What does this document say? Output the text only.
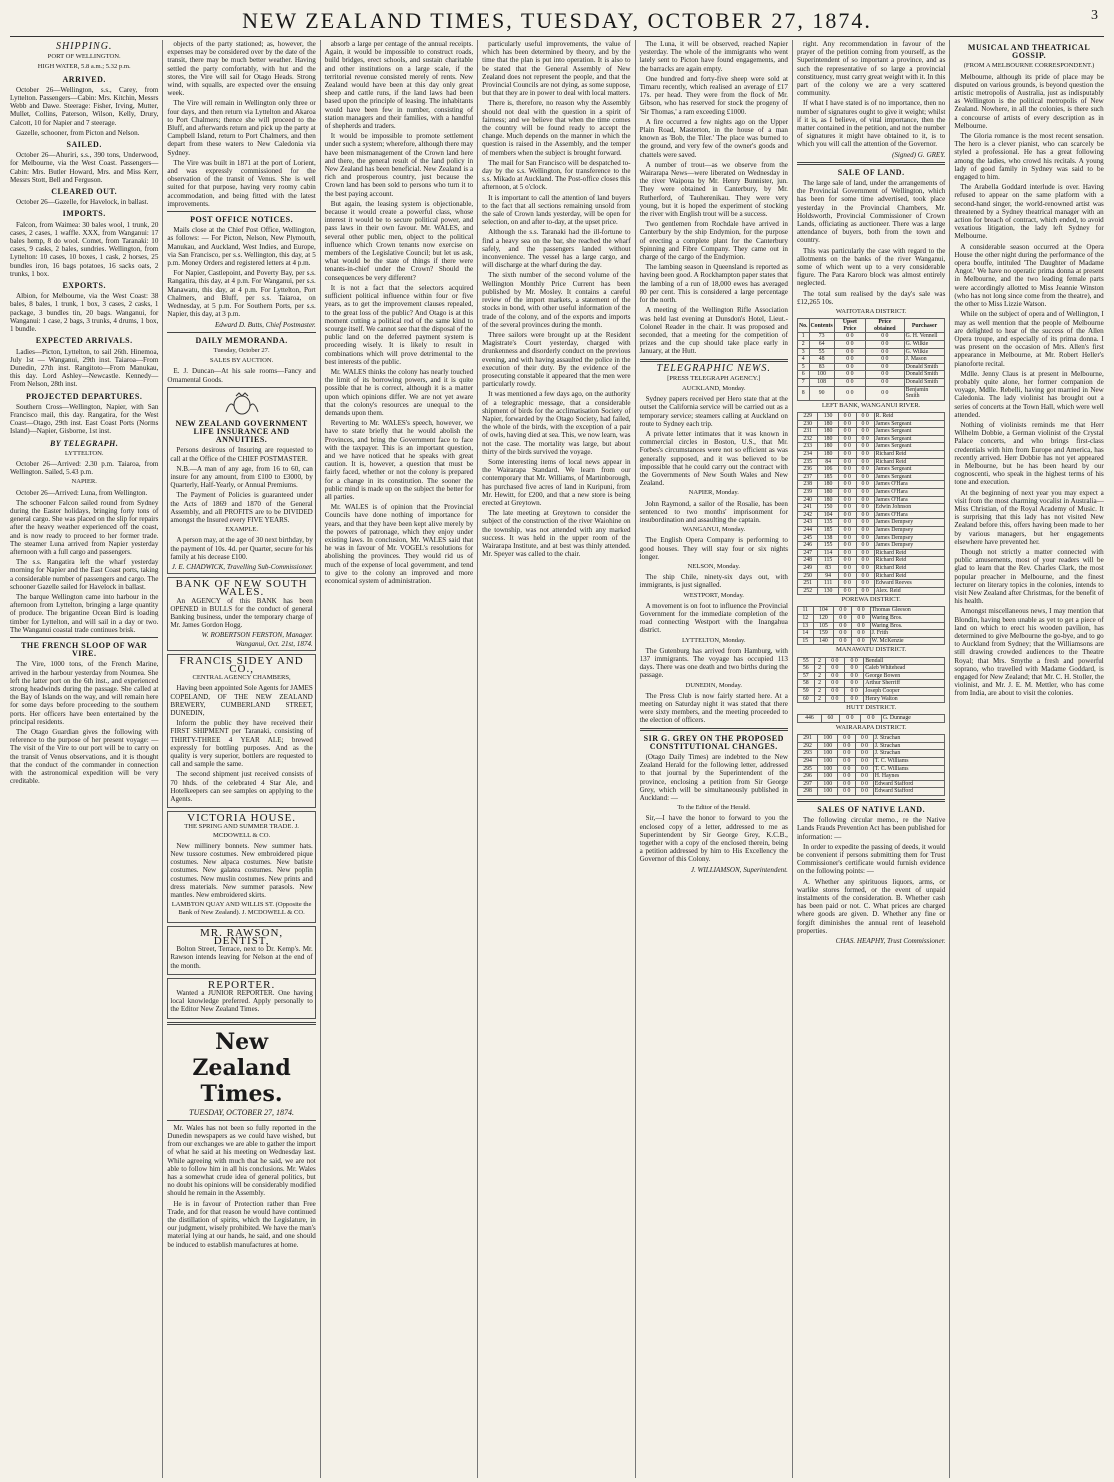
NEW ZEALAND TIMES, TUESDAY, OCTOBER 27, 1874.	3
SHIPPING.
PORT OF WELLINGTON.
HIGH WATER, 5.8 a.m.; 5.32 p.m.
ARRIVED.

October 26—Wellington, s.s., Carey, from Lyttelton. Passengers—Cabin: Mrs. Kitchin, Messrs Webb and Dawe. Steerage: Fisher, Irving, Mutter, Mullet, Collins, Paterson, Wilson, Kelly, Drury, Calcott, 10 for Napier and 7 steerage.

Gazelle, schooner, from Picton and Nelson.

SAILED.

October 26—Ahuriri, s.s., 390 tons, Underwood, for Melbourne, via the West Coast. Passengers—Cabin: Mrs. Butler Howard, Mrs. and Miss Kerr, Messrs Stott, Bell and Ferguson.

CLEARED OUT.

October 26—Gazelle, for Havelock, in ballast.

IMPORTS.

Falcon, from Waimea: 30 bales wool, 1 trunk, 20 cases, 2 cases, 1 waffle. XXX, from Wanganui: 17 bales hemp, 8 do wool. Comet, from Taranaki: 10 cases, 9 casks, 2 bales, sundries. Wellington, from Lyttelton: 10 cases, 10 boxes, 1 cask, 2 horses, 25 bundles iron, 16 bags potatoes, 16 sacks oats, 2 trunks, 1 box.

EXPORTS.

Albion, for Melbourne, via the West Coast: 38 bales, 8 bales, 1 trunk, 1 box, 3 cases, 2 casks, 1 package, 3 bundles tin, 20 bags. Wanganui, for Wanganui: 1 case, 2 bags, 3 trunks, 4 drums, 1 box, 1 bundle.

EXPECTED ARRIVALS.

Ladies—Picton, Lyttelton, to sail 26th. Hinemoa, July 1st — Wanganui, 29th inst. Taiaroa—From Dunedin, 27th inst. Rangitoto—From Manukau, this day. Lord Ashley—Newcastle. Kennedy—From Nelson, 28th inst.

PROJECTED DEPARTURES.

Southern Cross—Wellington, Napier, with San Francisco mail, this day. Rangatira, for the West Coast—Otago, 29th inst. East Coast Ports (Norms Island)—Napier, Gisborne, 1st inst.

BY TELEGRAPH.
LYTTELTON.

October 26—Arrived: 2.30 p.m. Taiaroa, from Wellington. Sailed, 5.43 p.m.

NAPIER.

October 26—Arrived: Luna, from Wellington.

The schooner Falcon sailed round from Sydney during the Easter holidays, bringing forty tons of general cargo. She was placed on the slip for repairs after the heavy weather experienced off the coast, and is now ready to proceed to her former trade. The steamer Luna arrived from Napier yesterday afternoon with a full cargo and passengers.

The s.s. Rangatira left the wharf yesterday morning for Napier and the East Coast ports, taking a considerable number of passengers and cargo. The schooner Gazelle sailed for Havelock in ballast.

The barque Wellington came into harbour in the afternoon from Lyttelton, bringing a large quantity of produce. The brigantine Ocean Bird is loading timber for Lyttelton, and will sail in a day or two. The Wanganui coastal trade continues brisk.

THE FRENCH SLOOP OF WAR VIRE.

The Vire, 1000 tons, of the French Marine, arrived in the harbour yesterday from Noumea. She left the latter port on the 6th inst., and experienced strong headwinds during the passage. She called at the Bay of Islands on the way, and will remain here for some days before proceeding to the southern ports. Her officers have been entertained by the principal residents.

The Otago Guardian gives the following with reference to the purpose of her present voyage: — The visit of the Vire to our port will be to carry on the transit of Venus observations, and it is thought that the conduct of the commander in connection with the astronomical expedition will be very creditable.

objects of the party stationed; as, however, the expenses may be considered over by the date of the transit, there may be much better weather. Having settled the party comfortably, with hut and the stores, the Vire will sail for Otago Heads. Strong wind, with squalls, are expected over the ensuing week.

The Vire will remain in Wellington only three or four days, and then return via Lyttelton and Akaroa to Port Chalmers; thence she will proceed to the Bluff, and afterwards return and pick up the party at Campbell Island, return to Port Chalmers, and then depart from these waters to New Caledonia via Sydney.

The Vire was built in 1871 at the port of Lorient, and was expressly commissioned for the observation of the transit of Venus. She is well suited for that purpose, having very roomy cabin accommodation, and being fitted with the latest improvements.

POST OFFICE NOTICES.

Mails close at the Chief Post Office, Wellington, as follows: — For Picton, Nelson, New Plymouth, Manukau, and Auckland, West Indies, and Europe, via San Francisco, per s.s. Wellington, this day, at 5 p.m. Money Orders and registered letters at 4 p.m.

For Napier, Castlepoint, and Poverty Bay, per s.s. Rangatira, this day, at 4 p.m. For Wanganui, per s.s. Manawatu, this day, at 4 p.m. For Lyttelton, Port Chalmers, and Bluff, per s.s. Taiaroa, on Wednesday, at 5 p.m. For Southern Ports, per s.s. Napier, this day, at 3 p.m.

Edward D. Butts, Chief Postmaster.
DAILY MEMORANDA.
Tuesday, October 27.
SALES BY AUCTION.

E. J. Duncan—At his sale rooms—Fancy and Ornamental Goods.

NEW ZEALAND GOVERNMENT LIFE INSURANCE AND ANNUITIES.

Persons desirous of Insuring are requested to call at the Office of the CHIEF POSTMASTER.

N.B.—A man of any age, from 16 to 60, can insure for any amount, from £100 to £3000, by Quarterly, Half-Yearly, or Annual Premiums.

The Payment of Policies is guaranteed under the Acts of 1869 and 1870 of the General Assembly, and all PROFITS are to be DIVIDED amongst the Insured every FIVE YEARS.

EXAMPLE.

A person may, at the age of 30 next birthday, by the payment of 10s. 4d. per Quarter, secure for his family at his decease £100.

J. E. CHADWICK, Travelling Sub-Commissioner.
BANK OF NEW SOUTH WALES.

An AGENCY of this BANK has been OPENED in BULLS for the conduct of general Banking business, under the temporary charge of Mr. James Gordon Hogg.

W. ROBERTSON FERSTON, Manager. Wanganui, Oct. 21st, 1874.
FRANCIS SIDEY AND CO.,
CENTRAL AGENCY CHAMBERS,

Having been appointed Sole Agents for JAMES COPELAND, OF THE NEW ZEALAND BREWERY, CUMBERLAND STREET, DUNEDIN,

Inform the public they have received their FIRST SHIPMENT per Taranaki, consisting of THIRTY-THREE 4 YEAR ALE; brewed expressly for bottling purposes. And as the quality is very superior, bottlers are requested to call and sample the same.

The second shipment just received consists of 70 hhds. of the celebrated 4 Star Ale, and Hotelkeepers can see samples on applying to the Agents.

VICTORIA HOUSE.
THE SPRING AND SUMMER TRADE. J. MCDOWELL & CO.

New millinery bonnets. New summer hats. New tussore costumes. New embroidered pique costumes. New alpaca costumes. New batiste costumes. New galatea costumes. New poplin costumes. New muslin costumes. New prints and dress materials. New summer parasols. New mantles. New embroidered skirts.

LAMBTON QUAY AND WILLIS ST. (Opposite the Bank of New Zealand). J. MCDOWELL & CO.
MR. RAWSON, DENTIST,

Bolton Street, Terrace, next to Dr. Kemp's. Mr. Rawson intends leaving for Nelson at the end of the month.

REPORTER.

Wanted a JUNIOR REPORTER. One having local knowledge preferred. Apply personally to the Editor New Zealand Times.

New Zealand Times.
TUESDAY, OCTOBER 27, 1874.

Mr. Wales has not been so fully reported in the Dunedin newspapers as we could have wished, but from our exchanges we are able to gather the import of what he said at his meeting on Wednesday last. While agreeing with much that he said, we are not able to follow him in all his conclusions. Mr. Wales has a somewhat crude idea of general politics, but no doubt his opinions will be considerably modified should he remain in the Assembly.

He is in favour of Protection rather than Free Trade, and for that reason he would have continued the distillation of spirits, which the Legislature, in our judgment, wisely prohibited. We have the man's material lying at our hands, he said, and one should be induced to establish manufactures at home.

absorb a large per centage of the annual receipts. Again, it would be impossible to construct roads, build bridges, erect schools, and sustain charitable and other institutions on a large scale, if the territorial revenue consisted merely of rents. New Zealand would have been at this day only great sheep and cattle runs, if the land laws had been based upon the principle of leasing. The inhabitants would have been few in number, consisting of station managers and their families, with a handful of shepherds and traders.

It would be impossible to promote settlement under such a system; wherefore, although there may have been mismanagement of the Crown land here and there, the general result of the land policy in New Zealand has been beneficial. New Zealand is a rich and prosperous country, just because the Crown land has been sold to persons who turn it to the best paying account.

But again, the leasing system is objectionable, because it would create a powerful class, whose interest it would be to secure political power, and pass laws in their own favour. Mr. WALES, and several other public men, object to the political influence which Crown tenants now exercise on members of the Legislative Council; but let us ask, what would be the state of things if there were tenants-in-chief under the Crown? Should the consequences be very different?

It is not a fact that the selectors acquired sufficient political influence within four or five years, as to get the improvement clauses repealed, to the great loss of the public? And Otago is at this moment cutting a political rod of the same kind to scourge itself. We cannot see that the disposal of the public land on the deferred payment system is proceeding wisely. It is likely to result in combinations which will prove detrimental to the best interests of the public.

Mr. WALES thinks the colony has nearly touched the limit of its borrowing powers, and it is quite possible that he is correct, although it is a matter upon which opinions differ. We are not yet aware that the colony's resources are unequal to the demands upon them.

Reverting to Mr. WALES's speech, however, we have to state briefly that he would abolish the Provinces, and bring the Government face to face with the taxpayer. This is an important question, and we have noticed that he speaks with great caution. It is, however, a question that must be fairly faced, whether or not the colony is prepared for a change in its constitution. The sooner the public mind is made up on the subject the better for all parties.

Mr. WALES is of opinion that the Provincial Councils have done nothing of importance for years, and that they have been kept alive merely by the powers of patronage, which they enjoy under existing laws. In conclusion, Mr. WALES said that he was in favour of Mr. VOGEL's resolutions for abolishing the provinces. They would rid us of much of the expense of local government, and tend to give to the colony an improved and more economical system of administration.

particularly useful improvements, the value of which has been determined by theory, and by the time that the plan is put into operation. It is also to be stated that the General Assembly of New Zealand does not represent the people, and that the Provincial Councils are not dying, as some suppose, but that they are in power to deal with local matters.

There is, therefore, no reason why the Assembly should not deal with the question in a spirit of fairness; and we believe that when the time comes the country will be found ready to accept the change. Much depends on the manner in which the question is raised in the Assembly, and the temper of members when the subject is brought forward.

The mail for San Francisco will be despatched to-day by the s.s. Wellington, for transference to the s.s. Mikado at Auckland. The Post-office closes this afternoon, at 5 o'clock.

It is important to call the attention of land buyers to the fact that all sections remaining unsold from the sale of Crown lands yesterday, will be open for selection, on and after to-day, at the upset price.

Although the s.s. Taranaki had the ill-fortune to find a heavy sea on the bar, she reached the wharf safely, and the passengers landed without inconvenience. The vessel has a large cargo, and will discharge at the wharf during the day.

The sixth number of the second volume of the Wellington Monthly Price Current has been published by Mr. Mosley. It contains a careful review of the import markets, a statement of the stocks in bond, with other useful information of the trade of the colony, and of the exports and imports of the several provinces during the month.

Three sailors were brought up at the Resident Magistrate's Court yesterday, charged with drunkenness and disorderly conduct on the previous evening, and with having assaulted the police in the execution of their duty. By the evidence of the prosecuting constable it appeared that the men were particularly rowdy.

It was mentioned a few days ago, on the authority of a telegraphic message, that a considerable shipment of birds for the acclimatisation Society of Napier, forwarded by the Otago Society, had failed, the whole of the birds, with the exception of a pair of owls, having died at sea. This, we now learn, was not the case. The mortality was large, but about thirty of the birds survived the voyage.

Some interesting items of local news appear in the Wairarapa Standard. We learn from our contemporary that Mr. Williams, of Martinborough, has purchased five acres of land in Kuripuni, from Mr. Hewitt, for £200, and that a new store is being erected at Greytown.

The late meeting at Greytown to consider the subject of the construction of the river Waiohine on the township, was not attended with any marked success. It was held in the upper room of the Wairarapa Institute, and at best was thinly attended. Mr. Speyer was called to the chair.

The Luna, it will be observed, reached Napier yesterday. The whole of the immigrants who went lately sent to Picton have found engagements, and the barracks are again empty.

One hundred and forty-five sheep were sold at Timaru recently, which realised an average of £17 17s. per head. They were from the flock of Mr. Gibson, who has reserved for stock the progeny of 'Sir Thomas,' a ram exceeding £1000.

A fire occurred a few nights ago on the Upper Plain Road, Masterton, in the house of a man known as 'Bob, the Tiler.' The place was burned to the ground, and very few of the owner's goods and chattels were saved.

A number of trout—as we observe from the Wairarapa News—were liberated on Wednesday in the river Waipoua by Mr. Henry Bunnister, jun. They were obtained in Canterbury, by Mr. Rutherford, of Tauherenikau. They were very young, but it is hoped the experiment of stocking the river with English trout will be a success.

Two gentlemen from Rochdale have arrived in Canterbury by the ship Endymion, for the purpose of erecting a complete plant for the Canterbury Spinning and Fibre Company. They came out in charge of the cargo of the Endymion.

The lambing season in Queensland is reported as having been good. A Rockhampton paper states that the lambing of a run of 18,000 ewes has averaged 80 per cent. This is considered a large percentage for the north.

A meeting of the Wellington Rifle Association was held last evening at Dunsdon's Hotel, Lieut.-Colonel Reader in the chair. It was proposed and seconded, that a meeting for the competition of prizes and the cup should take place early in January, at the Hutt.

TELEGRAPHIC NEWS.
[PRESS TELEGRAPH AGENCY.]
AUCKLAND, Monday.

Sydney papers received per Hero state that at the outset the California service will be carried out as a temporary service; steamers calling at Auckland on route to Sydney each trip.

A private letter intimates that it was known in commercial circles in Boston, U.S., that Mr. Forbes's circumstances were not so efficient as was generally supposed, and it was believed to be impossible that he could carry out the contract with the Governments of New South Wales and New Zealand.

NAPIER, Monday.

John Raymond, a sailor of the Rosalie, has been sentenced to two months' imprisonment for insubordination and assaulting the captain.

WANGANUI, Monday.

The English Opera Company is performing to good houses. They will stay four or six nights longer.

NELSON, Monday.

The ship Chile, ninety-six days out, with immigrants, is just signalled.

WESTPORT, Monday.

A movement is on foot to influence the Provincial Government for the immediate completion of the road connecting Westport with the Inangahua district.

LYTTELTON, Monday.

The Gutenburg has arrived from Hamburg, with 137 immigrants. The voyage has occupied 113 days. There was one death and two births during the passage.

DUNEDIN, Monday.

The Press Club is now fairly started here. At a meeting on Saturday night it was stated that there were sixty members, and the meeting proceeded to the election of officers.

SIR G. GREY ON THE PROPOSED CONSTITUTIONAL CHANGES.

(Otago Daily Times) are indebted to the New Zealand Herald for the following letter, addressed to that journal by the Superintendent of the province, enclosing a petition from Sir George Grey, which will be simultaneously published in Auckland: —

To the Editor of the Herald.

Sir,—I have the honor to forward to you the enclosed copy of a letter, addressed to me as Superintendent by Sir George Grey, K.C.B., together with a copy of the enclosed therein, being a petition addressed by him to His Excellency the Governor of this Colony.

J. WILLIAMSON, Superintendent.

right. Any recommendation in favour of the prayer of the petition coming from yourself, as the Superintendent of so important a province, and as such the representative of so large a provincial constituency, must carry great weight with it. In this part of the colony we are a very scattered community.

If what I have stated is of no importance, then no number of signatures ought to give it weight; whilst if it is, as I believe, of vital importance, then the matter contained in the petition, and not the number of signatures it might have obtained to it, is to which you will call the attention of the Governor.

(Signed) G. GREY.
SALE OF LAND.

The large sale of land, under the arrangements of the Provincial Government of Wellington, which has been for some time advertised, took place yesterday in the Provincial Chambers, Mr. Holdsworth, Provincial Commissioner of Crown Lands, officiating as auctioneer. There was a large attendance of buyers, both from the town and country.

This was particularly the case with regard to the allotments on the banks of the river Wanganui, some of which went up to a very considerable figure. The Para Karoro block was almost entirely neglected.

The total sum realised by the day's sale was £12,265 10s.

WAITOTARA DISTRICT.
No.	Contents	Upset Price	Price obtained	Purchaser
1	73	0 0	0 0	G. H. Vennell
2	64	0 0	0 0	G. Wilkie
3	55	0 0	0 0	G. Wilkie
4	48	0 0	0 0	J. Mason
5	83	0 0	0 0	Donald Smith
6	100	0 0	0 0	Donald Smith
7	108	0 0	0 0	Donald Smith
8	90	0 0	0 0	Benjamin Smith
LEFT BANK, WANGANUI RIVER.
229	130	0 0	0 0	R. Reid
230	180	0 0	0 0	James Sergeant
231	180	0 0	0 0	James Sergeant
232	180	0 0	0 0	James Sergeant
233	180	0 0	0 0	James Sergeant
234	180	0 0	0 0	Richard Reid
235	84	0 0	0 0	Richard Reid
236	106	0 0	0 0	James Sergeant
237	185	0 0	0 0	James Sergeant
238	180	0 0	0 0	James O'Hara
239	180	0 0	0 0	James O'Hara
240	180	0 0	0 0	James O'Hara
241	150	0 0	0 0	Edwin Johnson
242	104	0 0	0 0	James O'Hara
243	135	0 0	0 0	James Dempsey
244	185	0 0	0 0	James Dempsey
245	138	0 0	0 0	James Dempsey
246	155	0 0	0 0	James Dempsey
247	114	0 0	0 0	Richard Reid
248	115	0 0	0 0	Richard Reid
249	83	0 0	0 0	Richard Reid
250	94	0 0	0 0	Richard Reid
251	111	0 0	0 0	Edward Reeves
252	130	0 0	0 0	Alex. Reid
POREWA DISTRICT.
11	104	0 0	0 0	Thomas Gleeson
12	120	0 0	0 0	Waring Bros.
13	105	0 0	0 0	Waring Bros.
14	159	0 0	0 0	J. Frith
15	140	0 0	0 0	W. McKenzie
MANAWATU DISTRICT.
55	2	0 0	0 0	Bendall
56	2	0 0	0 0	Caleb Whitehead
57	2	0 0	0 0	George Bowen
58	2	0 0	0 0	Arthur Sherriff
59	2	0 0	0 0	Joseph Cooper
60	2	0 0	0 0	Henry Walton
HUTT DISTRICT.
446	60	0 0	0 0	G. Dunnage
WAIRARAPA DISTRICT.
291	100	0 0	0 0	J. Strachan
292	100	0 0	0 0	J. Strachan
293	100	0 0	0 0	J. Strachan
294	100	0 0	0 0	T. C. Williams
295	100	0 0	0 0	T. C. Williams
296	100	0 0	0 0	H. Haynes
297	100	0 0	0 0	Edward Stafford
298	100	0 0	0 0	Edward Stafford
SALES OF NATIVE LAND.

The following circular memo., re the Native Lands Frauds Prevention Act has been published for information: —

In order to expedite the passing of deeds, it would be convenient if persons submitting them for Trust Commissioner's certificate would furnish evidence on the following points: —

A. Whether any spirituous liquors, arms, or warlike stores formed, or the event of unpaid instalments of the consideration. B. Whether cash has been paid or not. C. What prices are charged where goods are given. D. Whether any fine or forgift diminishes the annual rent of leasehold properties.

CHAS. HEAPHY, Trust Commissioner.
MUSICAL AND THEATRICAL GOSSIP.
(FROM A MELBOURNE CORRESPONDENT.)

Melbourne, although its pride of place may be disputed on various grounds, is beyond question the artistic metropolis of Australia, just as indisputably as Wellington is the political metropolis of New Zealand. Nowhere, in all the colonies, is there such a concourse of artists of every description as in Melbourne.

The Gloria romance is the most recent sensation. The hero is a clever pianist, who can scarcely be styled a professional. He has a great following among the ladies, who crowd his recitals. A young lady of good family in Sydney was said to be engaged to him.

The Arabella Goddard interlude is over. Having refused to appear on the same platform with a second-hand singer, the world-renowned artist was threatened by a Sydney theatrical manager with an action for breach of contract, which ended, to avoid vexatious litigation, the lady left Sydney for Melbourne.

A considerable season occurred at the Opera House the other night during the performance of the opera bouffe, intituled 'The Daughter of Madame Angot.' We have no operatic prima donna at present in Melbourne, and the two leading female parts were accordingly allotted to Miss Jeannie Winston (who has not long since come from the theatre), and the other to Miss Lizzie Watson.

While on the subject of opera and of Wellington, I may as well mention that the people of Melbourne are delighted to hear of the success of the Allen Opera troupe, and especially of its prima donna. I was present on the occasion of Mrs. Allen's first appearance in Melbourne, at Mr. Robert Heller's pianoforte recital.

Mdlle. Jenny Claus is at present in Melbourne, probably quite alone, her former companion de voyage, Mdlle. Rebelli, having got married in New Caledonia. The lady violinist has brought out a series of concerts at the Town Hall, which were well attended.

Nothing of violinists reminds me that Herr Wilhelm Dobbie, a German violinist of the Crystal Palace concerts, and who brings first-class credentials with him from Europe and America, has recently arrived. Herr Dobbie has not yet appeared in Melbourne, but he has been heard by our cognoscenti, who speak in the highest terms of his tone and execution.

At the beginning of next year you may expect a visit from the most charming vocalist in Australia—Miss Christian, of the Royal Academy of Music. It is surprising that this lady has not visited New Zealand before this, offers having been made to her by various managers, but her engagements elsewhere have prevented her.

Though not strictly a matter connected with public amusements, most of your readers will be glad to learn that the Rev. Charles Clark, the most popular preacher in Melbourne, and the finest lecturer on literary topics in the colonies, intends to visit New Zealand after Christmas, for the benefit of his health.

Amongst miscellaneous news, I may mention that Blondin, having been unable as yet to get a piece of land on which to erect his wooden pavilion, has determined to give Melbourne the go-bye, and to go to Auckland from Sydney; that the Williamsons are still drawing crowded audiences to the Theatre Royal; that Mrs. Smythe a fresh and powerful soprano, who travelled with Madame Goddard, is engaged for New Zealand; that Mr. C. H. Stoller, the violinist, and Mr. J. E. M. Mettler, who has come from India, are about to visit the colonies.
